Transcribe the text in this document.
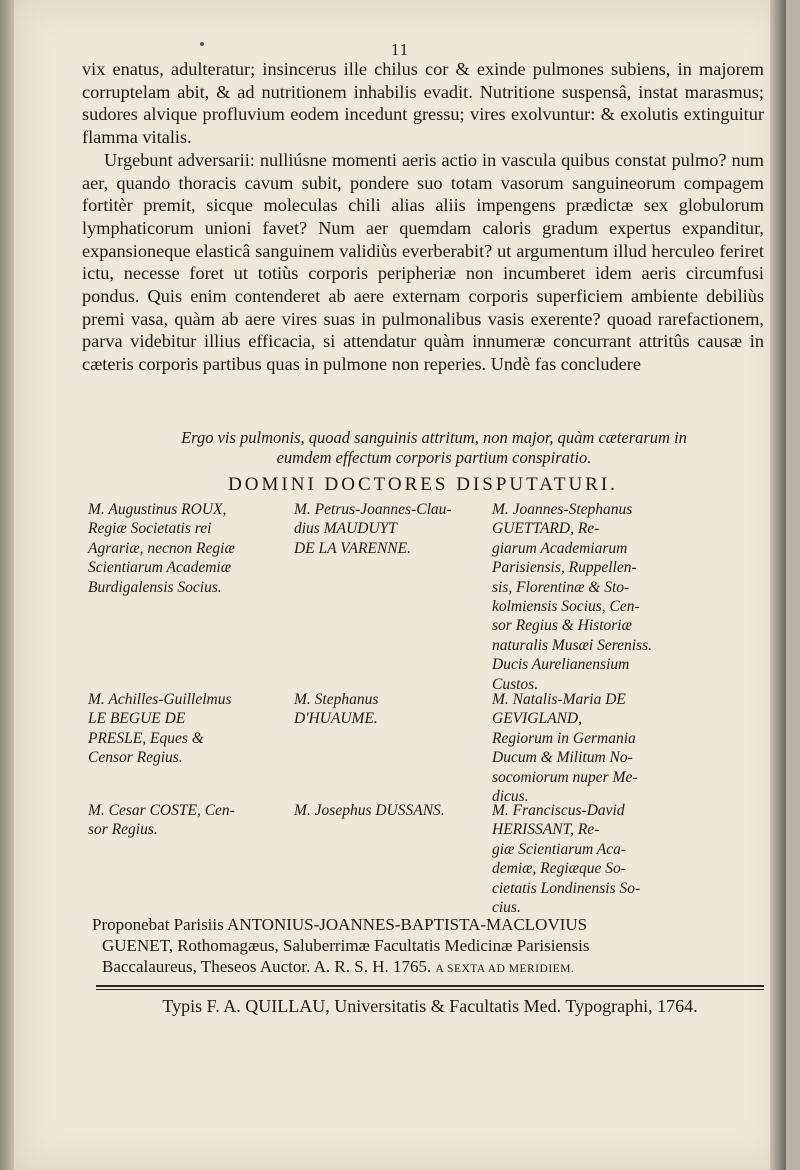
11

vix enatus, adulteratur; insincerus ille chilus cor & exinde pulmones subiens, in majorem corruptelam abit, & ad nutritionem inhabilis evadit. Nutritione suspensâ, instat marasmus; sudores alvique profluvium eodem incedunt gressu; vires exolvuntur: & exolutis extinguitur flamma vitalis.

Urgebunt adversarii: nulliúsne momenti aeris actio in vascula quibus constat pulmo? num aer, quando thoracis cavum subit, pondere suo totam vasorum sanguineorum compagem fortitèr premit, sicque moleculas chili alias aliis impengens prædictæ sex globulorum lymphaticorum unioni favet? Num aer quemdam caloris gradum expertus expanditur, expansioneque elasticâ sanguinem validiùs everberabit? ut argumentum illud herculeo feriret ictu, necesse foret ut totiùs corporis peripheriæ non incumberet idem aeris circumfusi pondus. Quis enim contenderet ab aere externam corporis superficiem ambiente debiliùs premi vasa, quàm ab aere vires suas in pulmonalibus vasis exerente? quoad rarefactionem, parva videbitur illius efficacia, si attendatur quàm innumeræ concurrant attritûs causæ in cæteris corporis partibus quas in pulmone non reperies. Undè fas concludere

Ergo vis pulmonis, quoad sanguinis attritum, non major, quàm cæterarum in
eumdem effectum corporis partium conspiratio.
DOMINI DOCTORES DISPUTATURI.
M. Augustinus ROUX,
Regiæ Societatis rei
Agrariæ, necnon Regiæ
Scientiarum Academiæ
Burdigalensis Socius.
M. Petrus-Joannes-Clau-
dius MAUDUYT
DE LA VARENNE.
M. Joannes-Stephanus
GUETTARD, Re-
giarum Academiarum
Parisiensis, Ruppellen-
sis, Florentinæ & Sto-
kolmiensis Socius, Cen-
sor Regius & Historiæ
naturalis Musæi Sereniss.
Ducis Aurelianensium
Custos.
M. Achilles-Guillelmus
LE BEGUE DE
PRESLE, Eques &
Censor Regius.
M. Stephanus
D'HUAUME.
M. Natalis-Maria DE
GEVIGLAND,
Regiorum in Germania
Ducum & Militum No-
socomiorum nuper Me-
dicus.
M. Cesar COSTE, Cen-
sor Regius.
M. Josephus DUSSANS.	M. Franciscus-David
HERISSANT, Re-
giæ Scientiarum Aca-
demiæ, Regiæque So-
cietatis Londinensis So-
cius.
Proponebat Parisiis ANTONIUS-JOANNES-BAPTISTA-MACLOVIUS
GUENET, Rothomagæus, Saluberrimæ Facultatis Medicinæ Parisiensis
Baccalaureus, Theseos Auctor. A. R. S. H. 1765. A SEXTA AD MERIDIEM.
Typis F. A. QUILLAU, Universitatis & Facultatis Med. Typographi, 1764.
